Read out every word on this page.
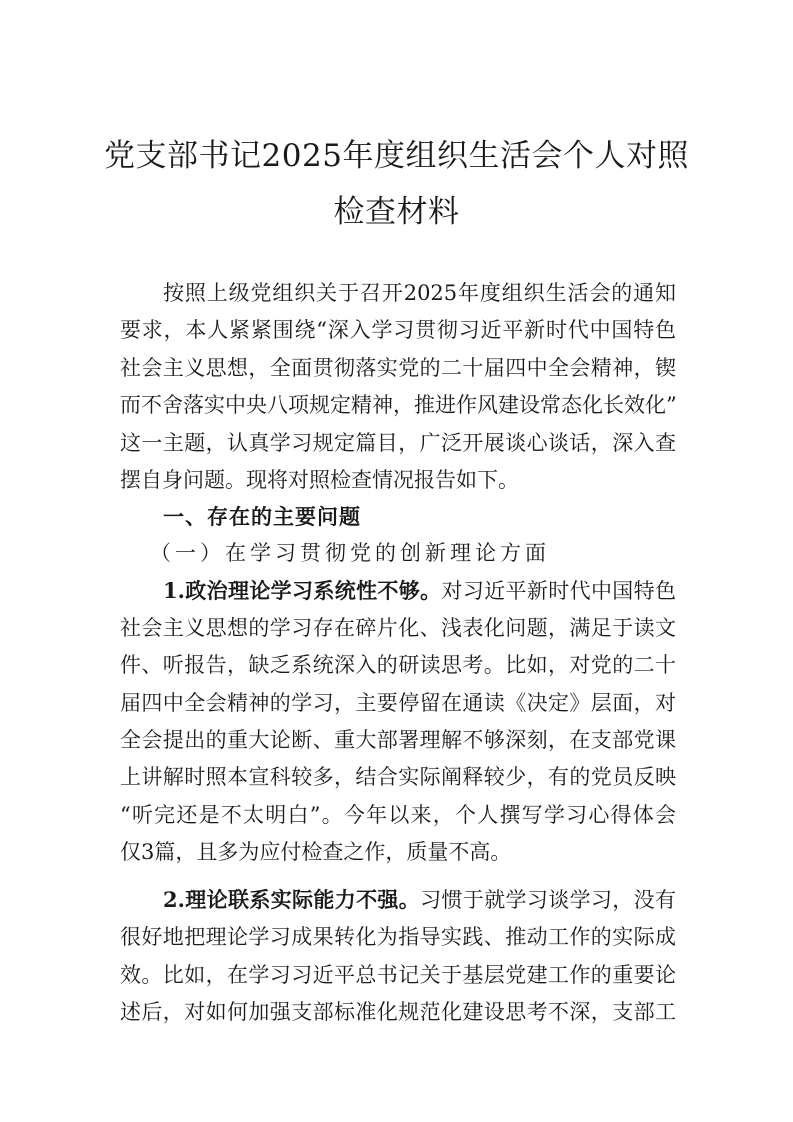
党支部书记2025年度组织生活会个人对照
检查材料
按照上级党组织关于召开2025年度组织生活会的通知
要求，本人紧紧围绕“深入学习贯彻习近平新时代中国特色
社会主义思想，全面贯彻落实党的二十届四中全会精神，锲
而不舍落实中央八项规定精神，推进作风建设常态化长效化”
这一主题，认真学习规定篇目，广泛开展谈心谈话，深入查
摆自身问题。现将对照检查情况报告如下。
一、存在的主要问题
（一）在学习贯彻党的创新理论方面
1.政治理论学习系统性不够。对习近平新时代中国特色
社会主义思想的学习存在碎片化、浅表化问题，满足于读文
件、听报告，缺乏系统深入的研读思考。比如，对党的二十
届四中全会精神的学习，主要停留在通读《决定》层面，对
全会提出的重大论断、重大部署理解不够深刻，在支部党课
上讲解时照本宣科较多，结合实际阐释较少，有的党员反映
“听完还是不太明白”。今年以来，个人撰写学习心得体会
仅3篇，且多为应付检查之作，质量不高。
2.理论联系实际能力不强。习惯于就学习谈学习，没有
很好地把理论学习成果转化为指导实践、推动工作的实际成
效。比如，在学习习近平总书记关于基层党建工作的重要论
述后，对如何加强支部标准化规范化建设思考不深，支部工
